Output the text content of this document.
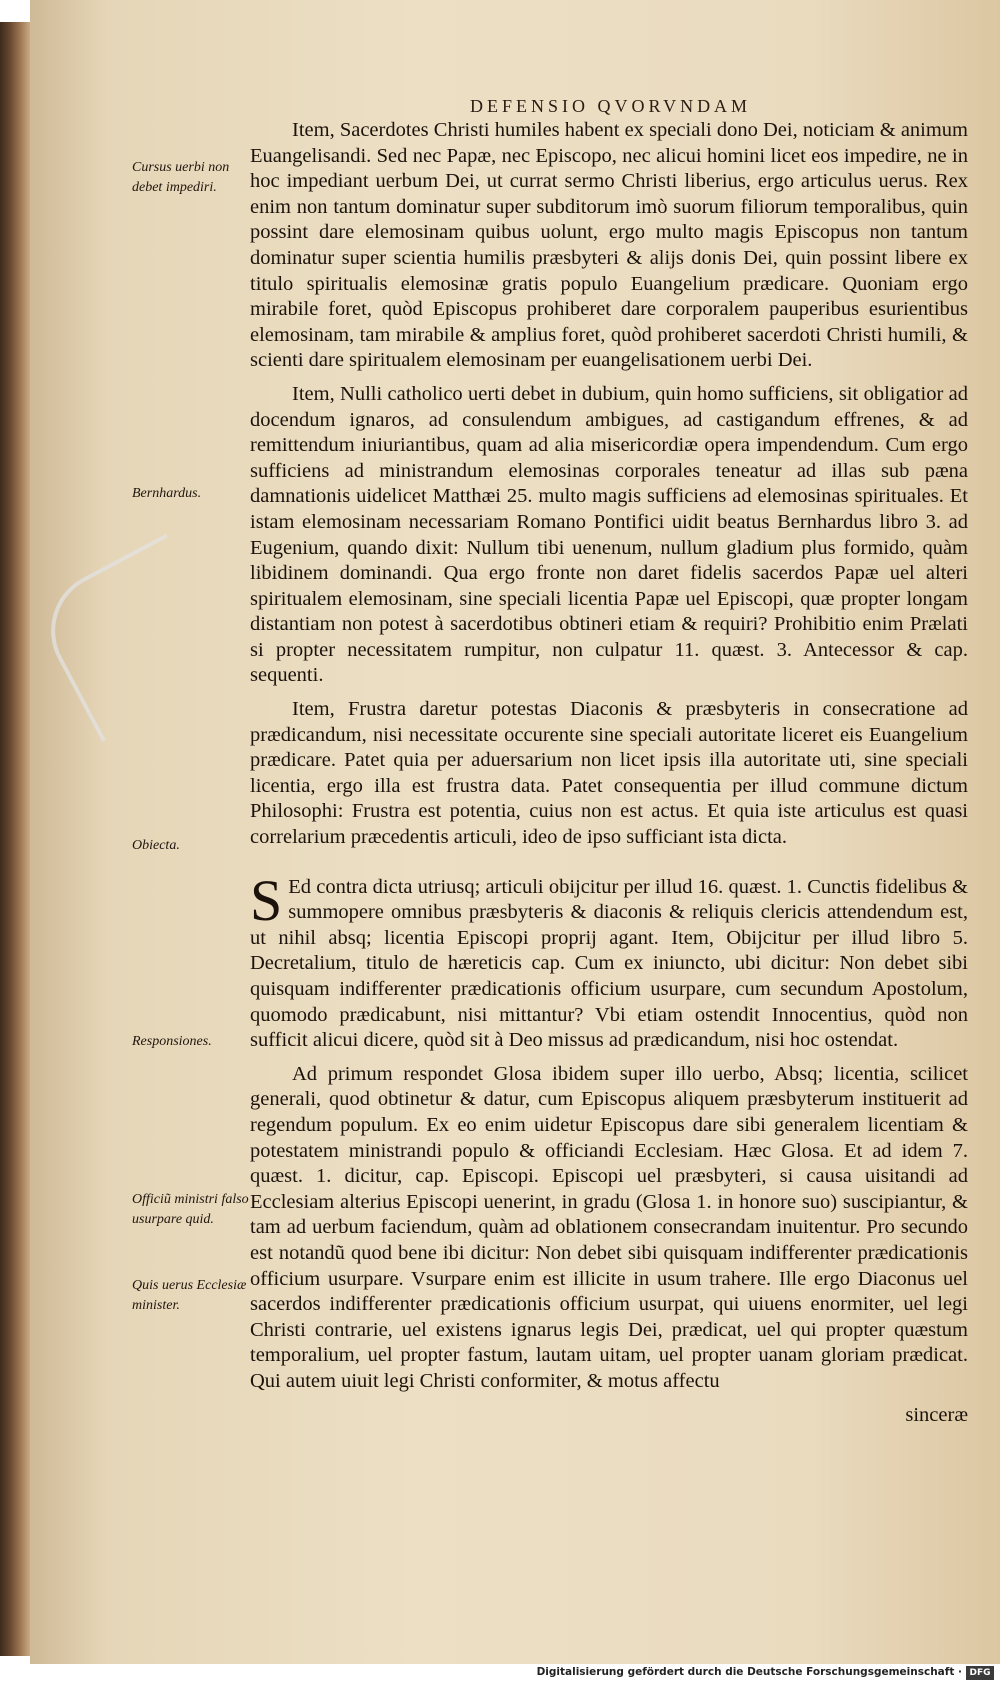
DEFENSIO QVORVNDAM
Cursus uerbi non debet impediri.
Bernhardus.
Obiecta.
Responsiones.
Officiũ ministri falso usurpare quid.
Quis uerus Ecclesiæ minister.

Item, Sacerdotes Christi humiles habent ex speciali dono Dei, noticiam & animum Euangelisandi. Sed nec Papæ, nec Episcopo, nec alicui homini licet eos impedire, ne in hoc impediant uerbum Dei, ut currat sermo Christi liberius, ergo articulus uerus. Rex enim non tantum dominatur super subditorum imò suorum filiorum temporalibus, quin possint dare elemosinam quibus uolunt, ergo multo magis Episcopus non tantum dominatur super scientia humilis præsbyteri & alijs donis Dei, quin possint libere ex titulo spiritualis elemosinæ gratis populo Euangelium prædicare. Quoniam ergo mirabile foret, quòd Episcopus prohiberet dare corporalem pauperibus esurientibus elemosinam, tam mirabile & amplius foret, quòd prohiberet sacerdoti Christi humili, & scienti dare spiritualem elemosinam per euangelisationem uerbi Dei.

Item, Nulli catholico uerti debet in dubium, quin homo sufficiens, sit obligatior ad docendum ignaros, ad consulendum ambigues, ad castigandum effrenes, & ad remittendum iniuriantibus, quam ad alia misericordiæ opera impendendum. Cum ergo sufficiens ad ministrandum elemosinas corporales teneatur ad illas sub pæna damnationis uidelicet Matthæi 25. multo magis sufficiens ad elemosinas spirituales. Et istam elemosinam necessariam Romano Pontifici uidit beatus Bernhardus libro 3. ad Eugenium, quando dixit: Nullum tibi uenenum, nullum gladium plus formido, quàm libidinem dominandi. Qua ergo fronte non daret fidelis sacerdos Papæ uel alteri spiritualem elemosinam, sine speciali licentia Papæ uel Episcopi, quæ propter longam distantiam non potest à sacerdotibus obtineri etiam & requiri? Prohibitio enim Prælati si propter necessitatem rumpitur, non culpatur 11. quæst. 3. Antecessor & cap. sequenti.

Item, Frustra daretur potestas Diaconis & præsbyteris in consecratione ad prædicandum, nisi necessitate occurente sine speciali autoritate liceret eis Euangelium prædicare. Patet quia per aduersarium non licet ipsis illa autoritate uti, sine speciali licentia, ergo illa est frustra data. Patet consequentia per illud commune dictum Philosophi: Frustra est potentia, cuius non est actus. Et quia iste articulus est quasi correlarium præcedentis articuli, ideo de ipso sufficiant ista dicta.

S Ed contra dicta utriusq; articuli obijcitur per illud 16. quæst. 1. Cunctis fidelibus & summopere omnibus præsbyteris & diaconis & reliquis clericis attendendum est, ut nihil absq; licentia Episcopi proprij agant. Item, Obijcitur per illud libro 5. Decretalium, titulo de hæreticis cap. Cum ex iniuncto, ubi dicitur: Non debet sibi quisquam indifferenter prædicationis officium usurpare, cum secundum Apostolum, quomodo prædicabunt, nisi mittantur? Vbi etiam ostendit Innocentius, quòd non sufficit alicui dicere, quòd sit à Deo missus ad prædicandum, nisi hoc ostendat.

Ad primum respondet Glosa ibidem super illo uerbo, Absq; licentia, scilicet generali, quod obtinetur & datur, cum Episcopus aliquem præsbyterum instituerit ad regendum populum. Ex eo enim uidetur Episcopus dare sibi generalem licentiam & potestatem ministrandi populo & officiandi Ecclesiam. Hæc Glosa. Et ad idem 7. quæst. 1. dicitur, cap. Episcopi. Episcopi uel præsbyteri, si causa uisitandi ad Ecclesiam alterius Episcopi uenerint, in gradu (Glosa 1. in honore suo) suscipiantur, & tam ad uerbum faciendum, quàm ad oblationem consecrandam inuitentur. Pro secundo est notandũ quod bene ibi dicitur: Non debet sibi quisquam indifferenter prædicationis officium usurpare. Vsurpare enim est illicite in usum trahere. Ille ergo Diaconus uel sacerdos indifferenter prædicationis officium usurpat, qui uiuens enormiter, uel legi Christi contrarie, uel existens ignarus legis Dei, prædicat, uel qui propter quæstum temporalium, uel propter fastum, lautam uitam, uel propter uanam gloriam prædicat. Qui autem uiuit legi Christi conformiter, & motus affectu

sinceræ
Digitalisierung gefördert durch die Deutsche Forschungsgemeinschaft · DFG
